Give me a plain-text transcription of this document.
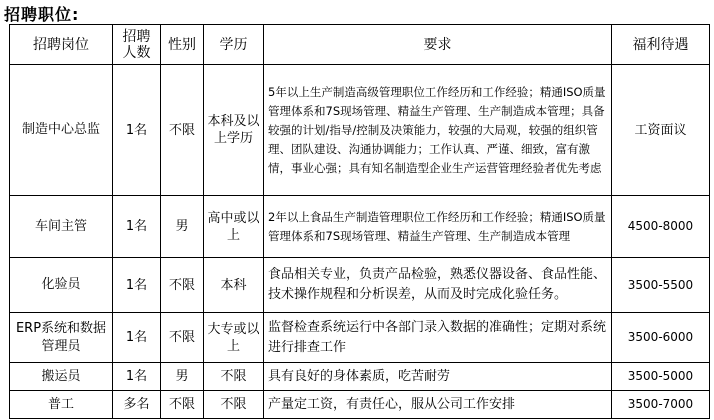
招聘职位:
招聘岗位	招聘人数	性别	学历	要求	福利待遇
制造中心总监	1名	不限	本科及以上学历	5年以上生产制造高级管理职位工作经历和工作经验；精通ISO质量管理体系和7S现场管理、精益生产管理、生产制造成本管理；具备较强的计划/指导/控制及决策能力，较强的大局观，较强的组织管理、团队建设、沟通协调能力；工作认真、严谨、细致，富有激情，事业心强；具有知名制造型企业生产运营管理经验者优先考虑	工资面议
车间主管	1名	男	高中或以上	2年以上食品生产制造管理职位工作经历和工作经验；精通ISO质量管理体系和7S现场管理、精益生产管理、生产制造成本管理	4500-8000
化验员	1名	不限	本科	食品相关专业，负责产品检验，熟悉仪器设备、食品性能、技术操作规程和分析误差，从而及时完成化验任务。	3500-5500
ERP系统和数据管理员	1名	不限	大专或以上	监督检查系统运行中各部门录入数据的准确性；定期对系统进行排查工作	3500-6000
搬运员	1名	男	不限	具有良好的身体素质，吃苦耐劳	3500-5000
普工	多名	不限	不限	产量定工资，有责任心，服从公司工作安排	3500-7000
